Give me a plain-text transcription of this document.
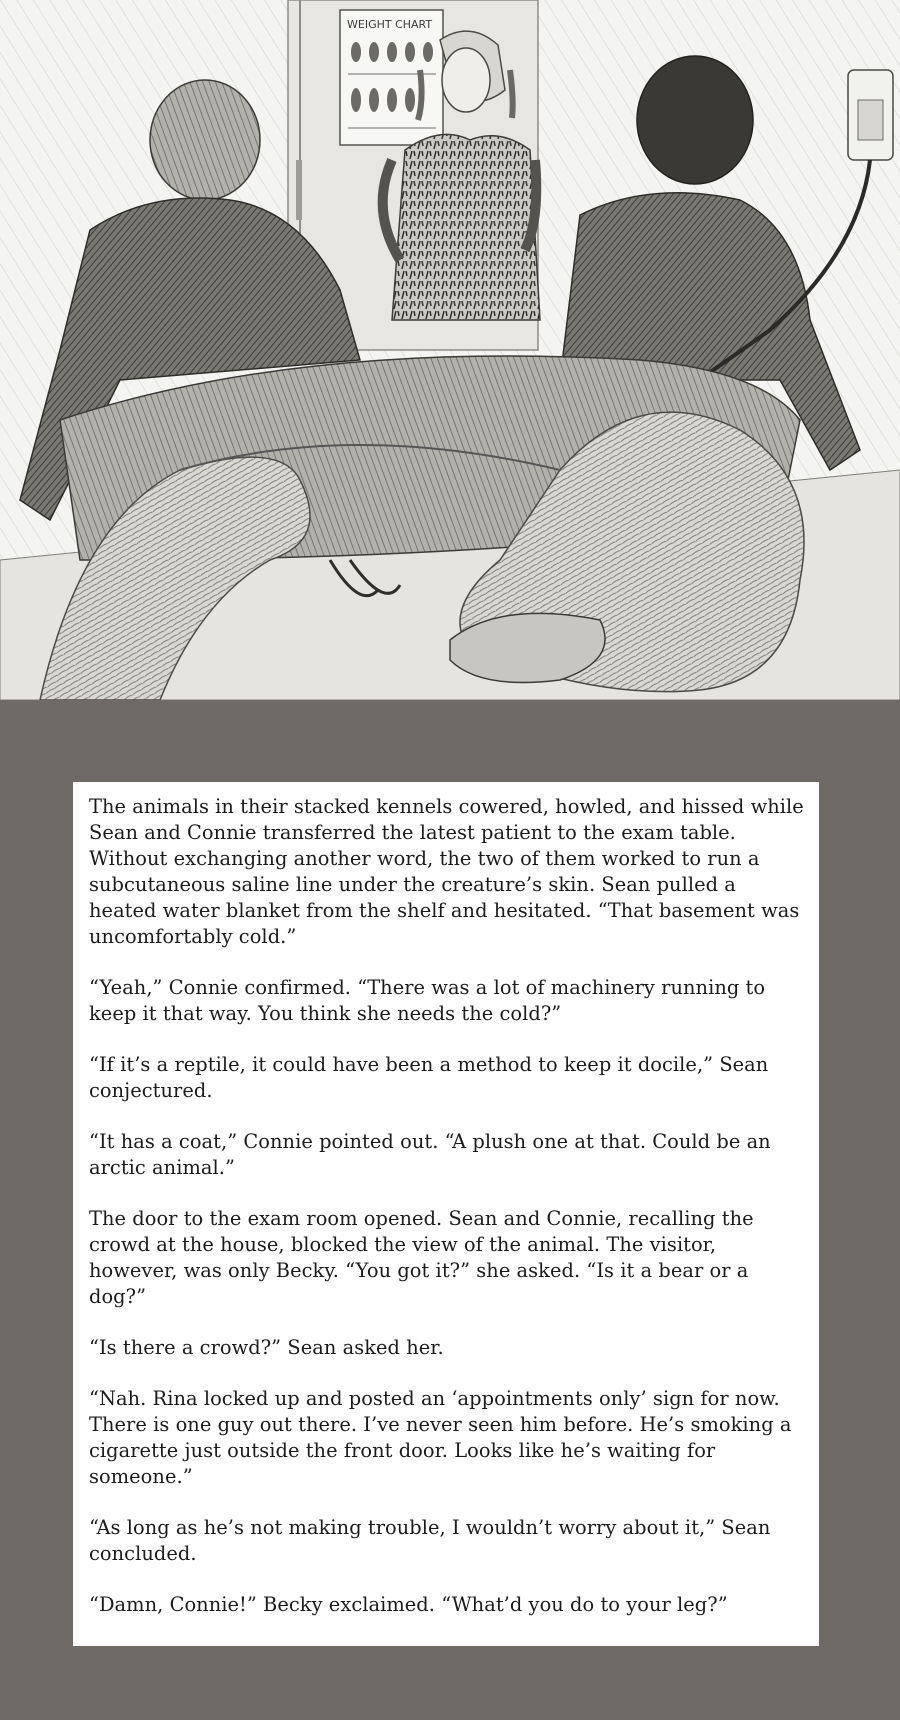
WEIGHT CHART

The animals in their stacked kennels cowered, howled, and hissed while Sean and Connie transferred the latest patient to the exam table. Without exchanging another word, the two of them worked to run a subcutaneous saline line under the creature’s skin. Sean pulled a heated water blanket from the shelf and hesitated. “That basement was uncomfortably cold.”

“Yeah,” Connie confirmed. “There was a lot of machinery running to keep it that way. You think she needs the cold?”

“If it’s a reptile, it could have been a method to keep it docile,” Sean conjectured.

“It has a coat,” Connie pointed out. “A plush one at that. Could be an arctic animal.”

The door to the exam room opened. Sean and Connie, recalling the crowd at the house, blocked the view of the animal. The visitor, however, was only Becky. “You got it?” she asked. “Is it a bear or a dog?”

“Is there a crowd?” Sean asked her.

“Nah. Rina locked up and posted an ‘appointments only’ sign for now. There is one guy out there. I’ve never seen him before. He’s smoking a cigarette just outside the front door. Looks like he’s waiting for someone.”

“As long as he’s not making trouble, I wouldn’t worry about it,” Sean concluded.

“Damn, Connie!” Becky exclaimed. “What’d you do to your leg?”
